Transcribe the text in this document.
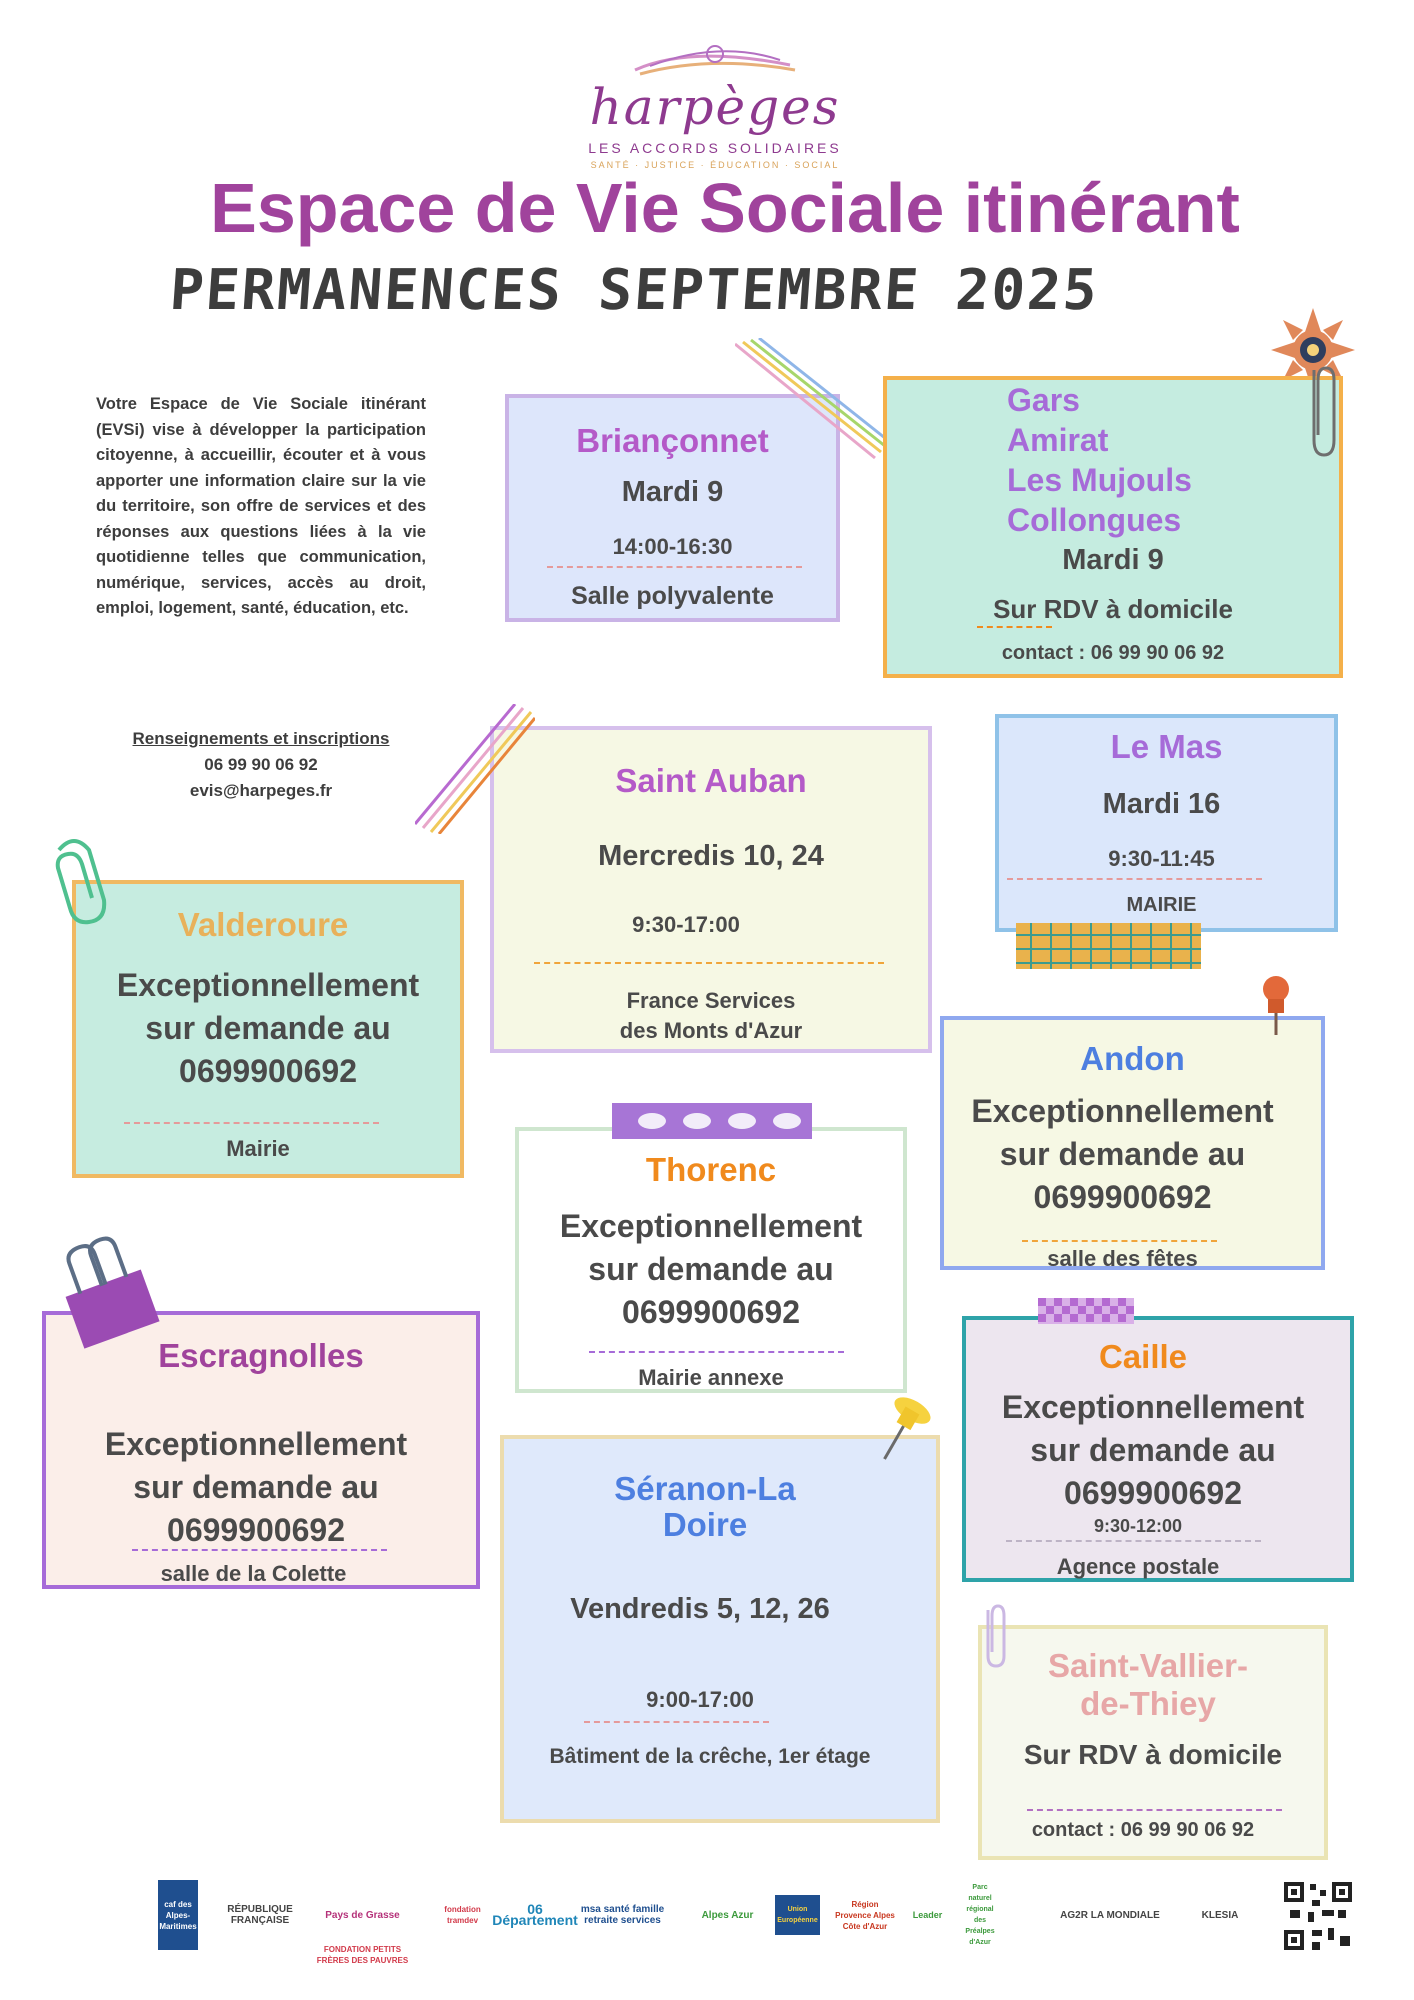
harpèges
LES ACCORDS SOLIDAIRES
SANTÉ · JUSTICE · ÉDUCATION · SOCIAL
Espace de Vie Sociale itinérant
PERMANENCES SEPTEMBRE 2025
Votre Espace de Vie Sociale itinérant (EVSi) vise à développer la participation citoyenne, à accueillir, écouter et à vous apporter une information claire sur la vie du territoire, son offre de services et des réponses aux questions liées à la vie quotidienne telles que communication, numérique, services, accès au droit, emploi, logement, santé, éducation, etc.
Renseignements et inscriptions
06 99 90 06 92
evis@harpeges.fr
Briançonnet
Mardi 9
14:00-16:30
Salle polyvalente
Gars
Amirat
Les Mujouls
Collongues
Mardi 9
Sur RDV à domicile
contact : 06 99 90 06 92
Saint Auban
Mercredis 10, 24
9:30-17:00
France Services
des Monts d'Azur
Le Mas
Mardi 16
9:30-11:45
MAIRIE
Valderoure
Exceptionnellement
sur demande au
0699900692
Mairie
Andon
Exceptionnellement
sur demande au
0699900692
salle des fêtes
Thorenc
Exceptionnellement
sur demande au
0699900692
Mairie annexe
Escragnolles
Exceptionnellement
sur demande au
0699900692
salle de la Colette
Caille
Exceptionnellement
sur demande au
0699900692
9:30-12:00
Agence postale
Séranon-La
Doire
Vendredis 5, 12, 26
9:00-17:00
Bâtiment de la crêche, 1er étage
Saint-Vallier-
de-Thiey
Sur RDV à domicile
contact : 06 99 90 06 92
caf des Alpes-Maritimes
RÉPUBLIQUE FRANÇAISE	Pays de Grasse
FONDATION PETITS FRÈRES DES PAUVRES
fondation tramdev
06 Département
msa santé famille retraite services	Alpes Azur	Union Européenne
Région Provence Alpes Côte d'Azur
Leader
Parc naturel régional des Préalpes d'Azur
AG2R LA MONDIALE	KLESIA
